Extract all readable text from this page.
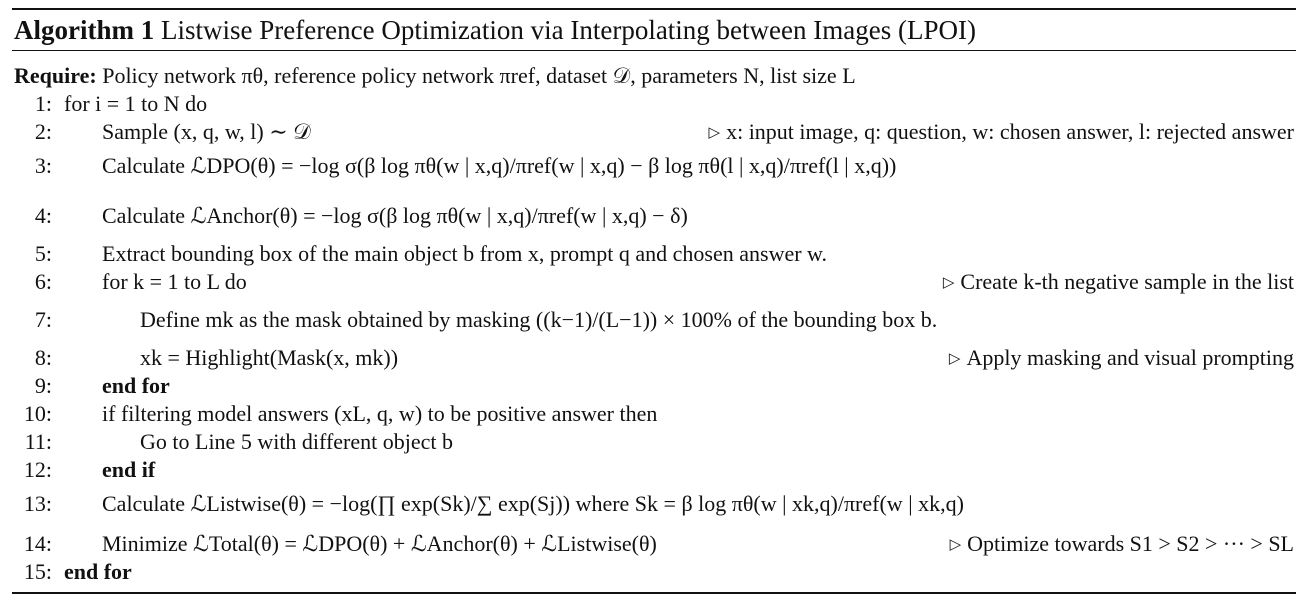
Algorithm 1 Listwise Preference Optimization via Interpolating between Images (LPOI)
Require: Policy network πθ, reference policy network πref, dataset 𝒟, parameters N, list size L
1: for i = 1 to N do
2: Sample (x, q, w, l) ∼ 𝒟	▷ x: input image, q: question, w: chosen answer, l: rejected answer
3: Calculate ℒDPO(θ) = −log σ(β log πθ(w | x,q)/πref(w | x,q) − β log πθ(l | x,q)/πref(l | x,q))
4: Calculate ℒAnchor(θ) = −log σ(β log πθ(w | x,q)/πref(w | x,q) − δ)
5: Extract bounding box of the main object b from x, prompt q and chosen answer w.
6: for k = 1 to L do	▷ Create k-th negative sample in the list
7:	Define mk as the mask obtained by masking ((k−1)/(L−1)) × 100% of the bounding box b.
8:	xk = Highlight(Mask(x, mk))	▷ Apply masking and visual prompting
9: end for
10: if filtering model answers (xL, q, w) to be positive answer then
11:	Go to Line 5 with different object b
12: end if
13: Calculate ℒListwise(θ) = −log(∏ exp(Sk)/∑ exp(Sj)) where Sk = β log πθ(w | xk,q)/πref(w | xk,q)
14: Minimize ℒTotal(θ) = ℒDPO(θ) + ℒAnchor(θ) + ℒListwise(θ)	▷ Optimize towards S1 > S2 > ··· > SL
15: end for
